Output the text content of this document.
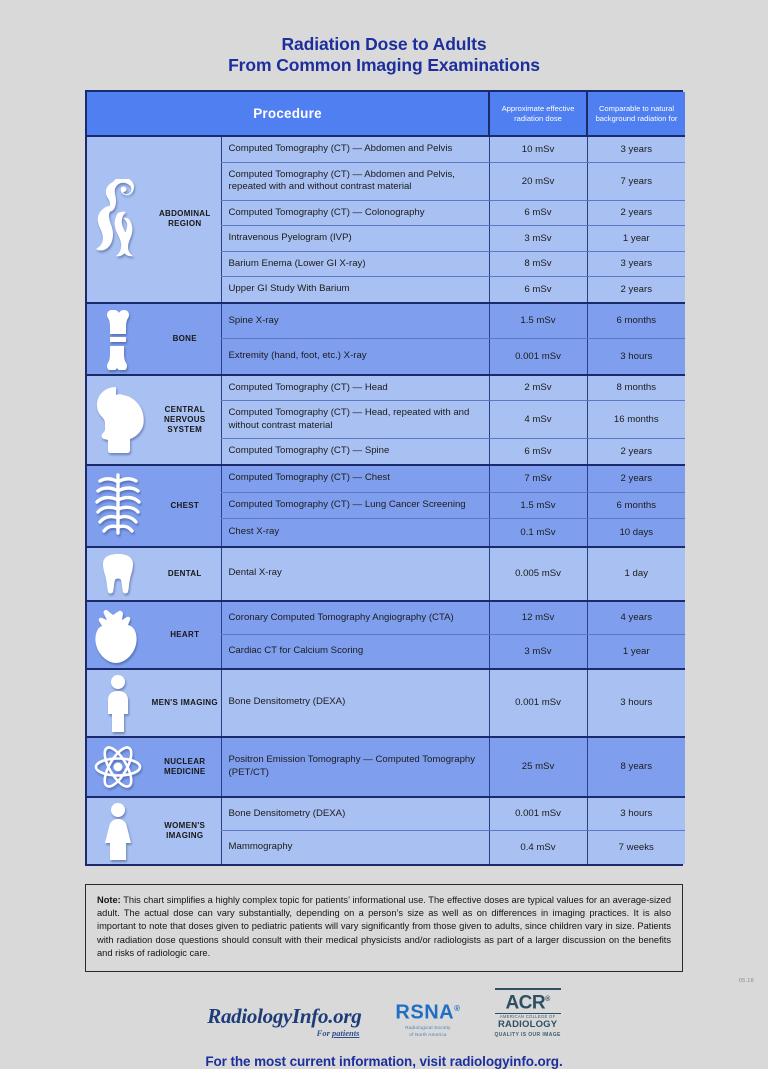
Radiation Dose to Adults
From Common Imaging Examinations
Procedure			Approximate effective radiation dose	Comparable to natural background radiation for

	ABDOMINAL REGION	Computed Tomography (CT) — Abdomen and Pelvis	10 mSv	3 years
		Computed Tomography (CT) — Abdomen and Pelvis, repeated with and without contrast material	20 mSv	7 years
		Computed Tomography (CT) — Colonography	6 mSv	2 years
		Intravenous Pyelogram (IVP)	3 mSv	1 year
		Barium Enema (Lower GI X-ray)	8 mSv	3 years
		Upper GI Study With Barium	6 mSv	2 years

	BONE	Spine X-ray	1.5 mSv	6 months
		Extremity (hand, foot, etc.) X-ray	0.001 mSv	3 hours

	CENTRAL NERVOUS SYSTEM	Computed Tomography (CT) — Head	2 mSv	8 months
		Computed Tomography (CT) — Head, repeated with and without contrast material	4 mSv	16 months
		Computed Tomography (CT) — Spine	6 mSv	2 years

	CHEST	Computed Tomography (CT) — Chest	7 mSv	2 years
		Computed Tomography (CT) — Lung Cancer Screening	1.5 mSv	6 months
		Chest X-ray	0.1 mSv	10 days

	DENTAL	Dental X-ray	0.005 mSv	1 day

	HEART	Coronary Computed Tomography Angiography (CTA)	12 mSv	4 years
		Cardiac CT for Calcium Scoring	3 mSv	1 year

	MEN'S IMAGING	Bone Densitometry (DEXA)	0.001 mSv	3 hours

	NUCLEAR MEDICINE	Positron Emission Tomography — Computed Tomography (PET/CT)	25 mSv	8 years

	WOMEN'S IMAGING	Bone Densitometry (DEXA)	0.001 mSv	3 hours
		Mammography	0.4 mSv	7 weeks
Note: This chart simplifies a highly complex topic for patients’ informational use. The effective doses are typical values for an average-sized adult. The actual dose can vary substantially, depending on a person’s size as well as on differences in imaging practices. It is also important to note that doses given to pediatric patients will vary significantly from those given to adults, since children vary in size. Patients with radiation dose questions should consult with their medical physicists and/or radiologists as part of a larger discussion on the benefits and risks of radiologic care.
RadiologyInfo.org
For patients
RSNA®
Radiological Society
of North America
ACR®
AMERICAN COLLEGE OF
RADIOLOGY
QUALITY IS OUR IMAGE
For the most current information, visit radiologyinfo.org.
05.18
